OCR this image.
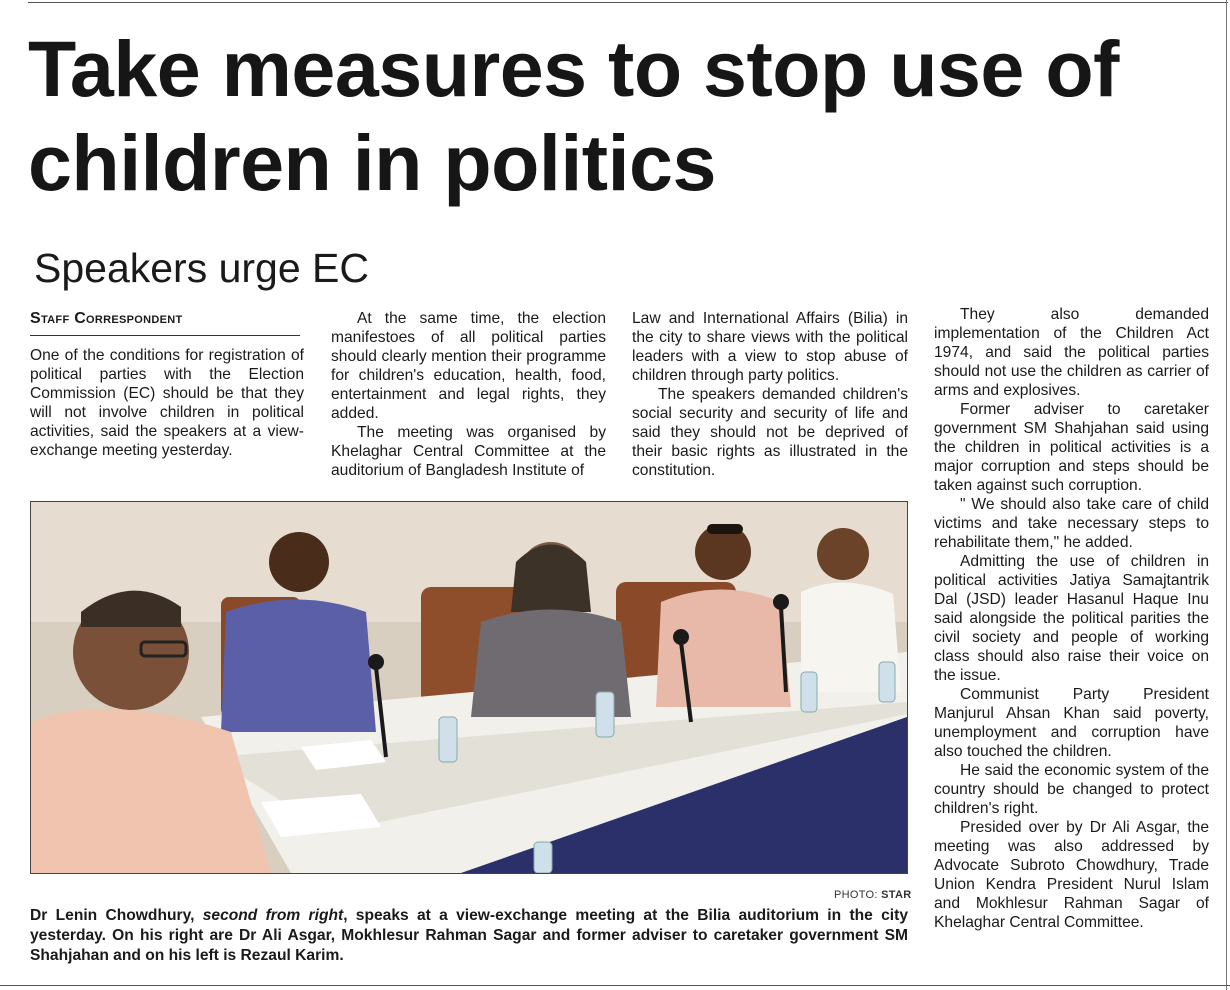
Take measures to stop use of children in politics
Speakers urge EC
Staff Correspondent

One of the conditions for registration of political parties with the Election Commission (EC) should be that they will not involve children in political activities, said the speakers at a view-exchange meeting yesterday.

At the same time, the election manifestoes of all political parties should clearly mention their programme for children's education, health, food, entertainment and legal rights, they added.

The meeting was organised by Khelaghar Central Committee at the auditorium of Bangladesh Institute of

Law and International Affairs (Bilia) in the city to share views with the political leaders with a view to stop abuse of children through party politics.

The speakers demanded children's social security and security of life and said they should not be deprived of their basic rights as illustrated in the constitution.

They also demanded implementation of the Children Act 1974, and said the political parties should not use the children as carrier of arms and explosives.

Former adviser to caretaker government SM Shahjahan said using the children in political activities is a major corruption and steps should be taken against such corruption.

" We should also take care of child victims and take necessary steps to rehabilitate them," he added.

Admitting the use of children in political activities Jatiya Samajtantrik Dal (JSD) leader Hasanul Haque Inu said alongside the political parities the civil society and people of working class should also raise their voice on the issue.

Communist Party President Manjurul Ahsan Khan said poverty, unemployment and corruption have also touched the children.

He said the economic system of the country should be changed to protect children's right.

Presided over by Dr Ali Asgar, the meeting was also addressed by Advocate Subroto Chowdhury, Trade Union Kendra President Nurul Islam and Mokhlesur Rahman Sagar of Khelaghar Central Committee.

PHOTO: STAR
Dr Lenin Chowdhury, second from right, speaks at a view-exchange meeting at the Bilia auditorium in the city yesterday. On his right are Dr Ali Asgar, Mokhlesur Rahman Sagar and former adviser to caretaker government SM Shahjahan and on his left is Rezaul Karim.
